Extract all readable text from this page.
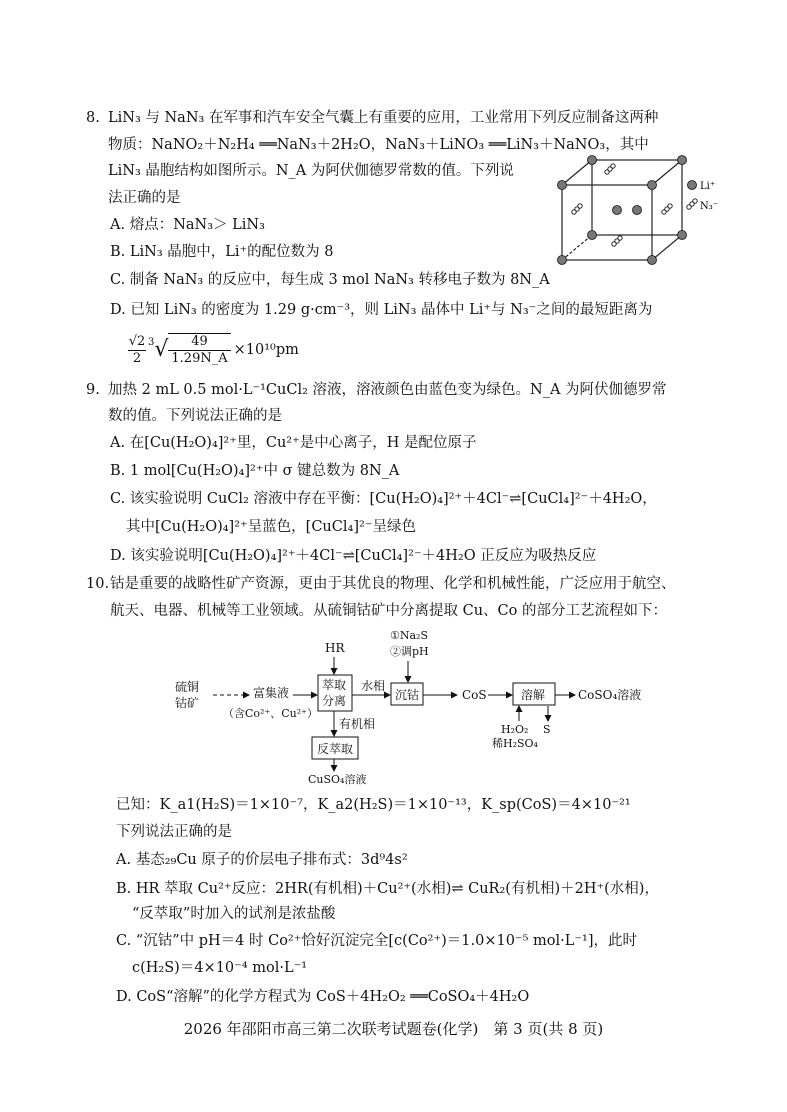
8. LiN₃ 与 NaN₃ 在军事和汽车安全气囊上有重要的应用，工业常用下列反应制备这两种
物质：NaNO₂＋N₂H₄ ══NaN₃＋2H₂O，NaN₃＋LiNO₃ ══LiN₃＋NaNO₃，其中
LiN₃ 晶胞结构如图所示。N_A 为阿伏伽德罗常数的值。下列说
法正确的是
A. 熔点：NaN₃＞ LiN₃
B. LiN₃ 晶胞中，Li⁺的配位数为 8
C. 制备 NaN₃ 的反应中，每生成 3 mol NaN₃ 转移电子数为 8N_A
D. 已知 LiN₃ 的密度为 1.29 g·cm⁻³，则 LiN₃ 晶体中 Li⁺与 N₃⁻之间的最短距离为
$\frac{√2}{2} ^3√ \frac{49}{1.29N\_A} \times 10^{10}pm$
Li⁺
N₃⁻
9. 加热 2 mL 0.5 mol·L⁻¹CuCl₂ 溶液，溶液颜色由蓝色变为绿色。N_A 为阿伏伽德罗常
数的值。下列说法正确的是
A. 在[Cu(H₂O)₄]²⁺里，Cu²⁺是中心离子，H 是配位原子
B. 1 mol[Cu(H₂O)₄]²⁺中 σ 键总数为 8N_A
C. 该实验说明 CuCl₂ 溶液中存在平衡：[Cu(H₂O)₄]²⁺＋4Cl⁻⇌[CuCl₄]²⁻＋4H₂O，
其中[Cu(H₂O)₄]²⁺呈蓝色，[CuCl₄]²⁻呈绿色
D. 该实验说明[Cu(H₂O)₄]²⁺＋4Cl⁻⇌[CuCl₄]²⁻＋4H₂O 正反应为吸热反应
10. 钴是重要的战略性矿产资源，更由于其优良的物理、化学和机械性能，广泛应用于航空、
航天、电器、机械等工业领域。从硫铜钴矿中分离提取 Cu、Co 的部分工艺流程如下：
硫铜
钴矿
富集液
（含Co²⁺、Cu²⁺）
HR
萃取
分离
水相
有机相
①Na₂S
②调pH
沉钴	CoS	溶解	CoSO₄溶液
H₂O₂
稀H₂SO₄
S
反萃取
CuSO₄溶液
已知：K_a1(H₂S)＝1×10⁻⁷，K_a2(H₂S)＝1×10⁻¹³，K_sp(CoS)＝4×10⁻²¹
下列说法正确的是
A. 基态₂₉Cu 原子的价层电子排布式：3d⁹4s²
B. HR 萃取 Cu²⁺反应：2HR(有机相)＋Cu²⁺(水相)⇌ CuR₂(有机相)＋2H⁺(水相)，
“反萃取”时加入的试剂是浓盐酸
C. “沉钴”中 pH＝4 时 Co²⁺恰好沉淀完全[c(Co²⁺)＝1.0×10⁻⁵ mol·L⁻¹]，此时
c(H₂S)＝4×10⁻⁴ mol·L⁻¹
D. CoS“溶解”的化学方程式为 CoS＋4H₂O₂ ══CoSO₄＋4H₂O
2026 年邵阳市高三第二次联考试题卷(化学)　第 3 页(共 8 页)
